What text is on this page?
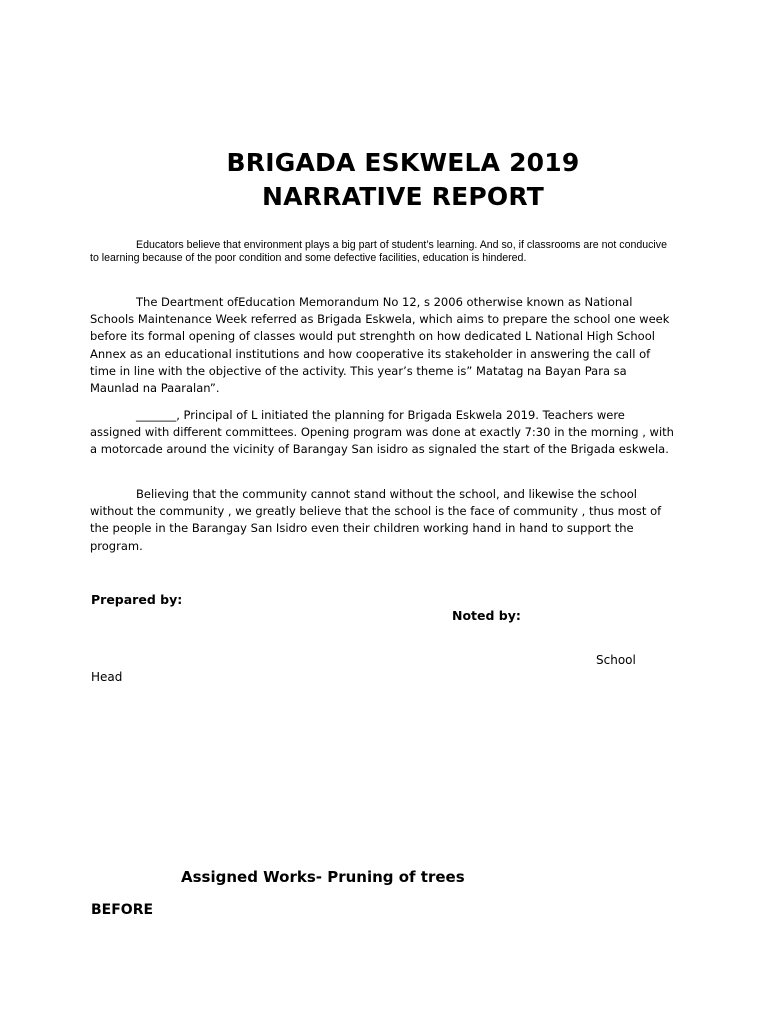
BRIGADA ESKWELA 2019
NARRATIVE REPORT

Educators believe that environment plays a big part of student’s learning. And so, if classrooms are not conducive to learning because of the poor condition and some defective facilities, education is hindered.

The Deartment ofEducation Memorandum No 12, s 2006 otherwise known as National Schools Maintenance Week referred as Brigada Eskwela, which aims to prepare the school one week before its formal opening of classes would put strenghth on how dedicated L National High School Annex as an educational institutions and how cooperative its stakeholder in answering the call of time in line with the objective of the activity. This year’s theme is” Matatag na Bayan Para sa Maunlad na Paaralan”.

_______, Principal of L initiated the planning for Brigada Eskwela 2019. Teachers were assigned with different committees. Opening program was done at exactly 7:30 in the morning , with a motorcade around the vicinity of Barangay San isidro as signaled the start of the Brigada eskwela.

Believing that the community cannot stand without the school, and likewise the school without the community , we greatly believe that the school is the face of community , thus most of the people in the Barangay San Isidro even their children working hand in hand to support the program.

Prepared by:
Noted by:
School
Head
Assigned Works- Pruning of trees
BEFORE
